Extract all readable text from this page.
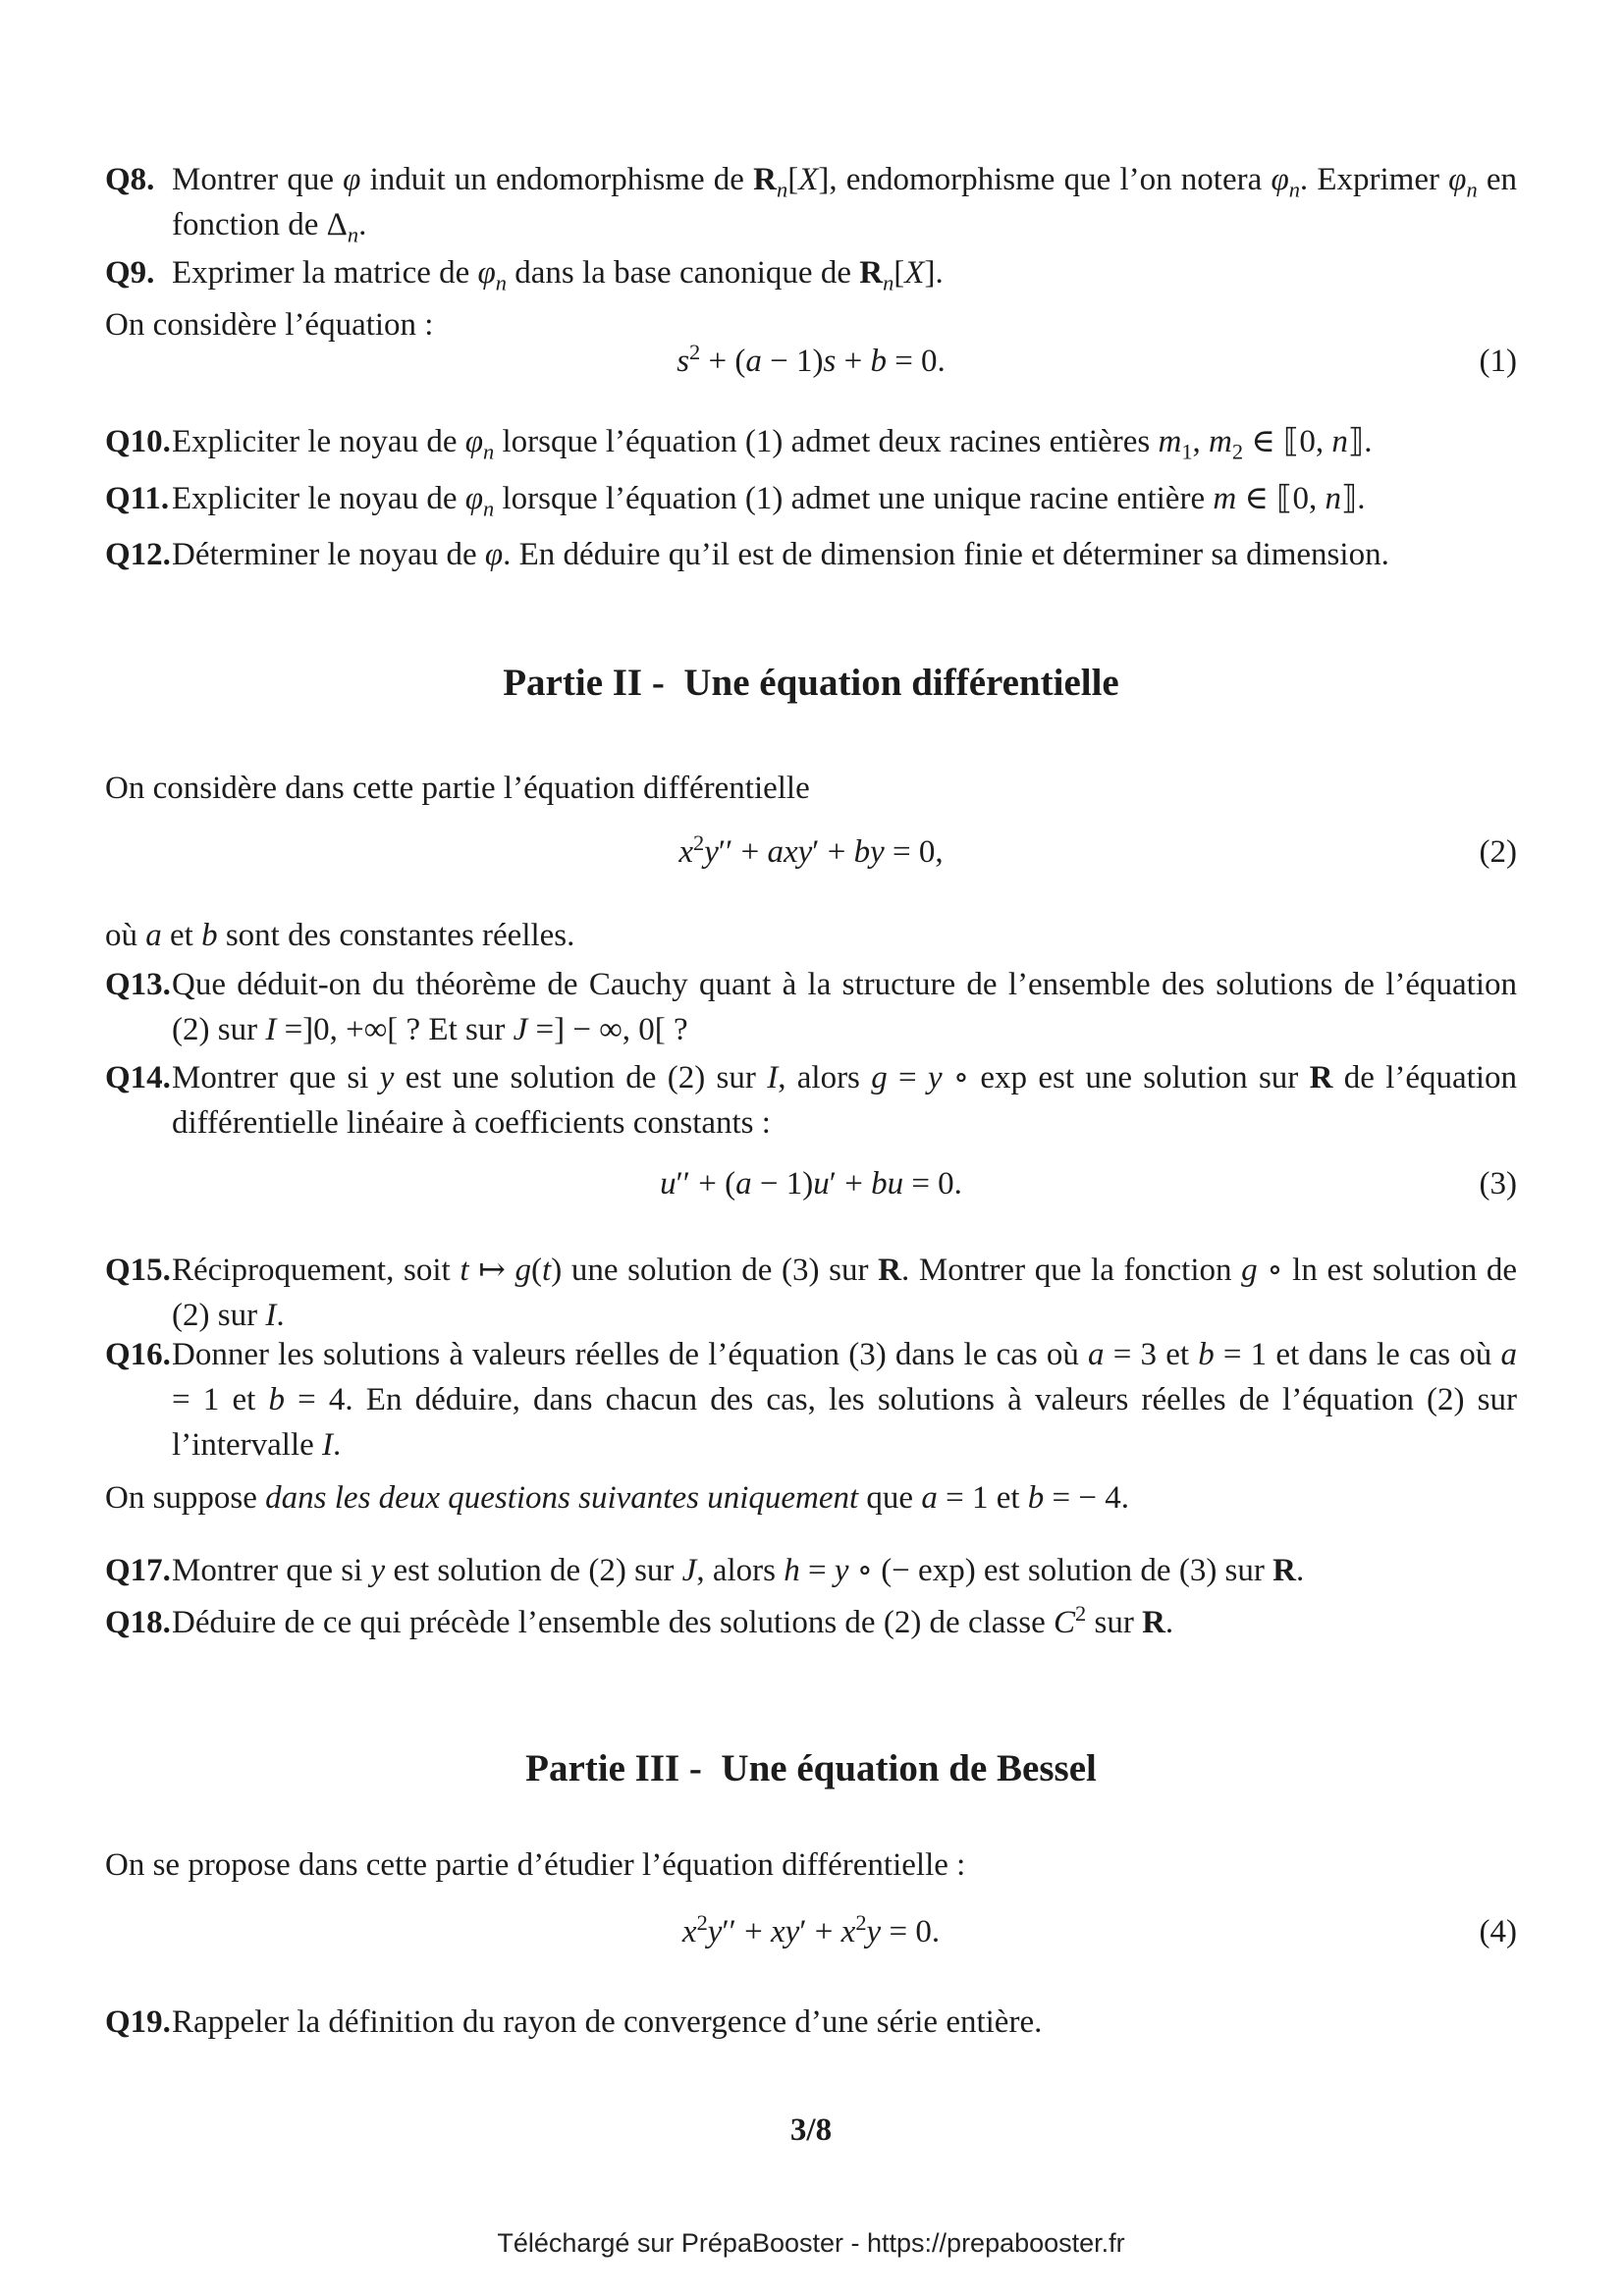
Q8. Montrer que φ induit un endomorphisme de $R_n[X]$, endomorphisme que l’on notera $\varphi_n$. Exprimer $\varphi_n$ en fonction de $\Delta_n$.

Q9. Exprimer la matrice de $\varphi_n$ dans la base canonique de $R_n[X]$.

On considère l’équation :

$s^2 + (a - 1)s + b = 0$.	(1)

Q10.Expliciter le noyau de $\varphi_n$ lorsque l’équation (1) admet deux racines entières $m_1$, $m_2$ ∈ ⟦0, n⟧.

Q11.Expliciter le noyau de $\varphi_n$ lorsque l’équation (1) admet une unique racine entière m ∈ ⟦0, n⟧.

Q12.Déterminer le noyau de φ. En déduire qu’il est de dimension finie et déterminer sa dimension.

Partie II -  Une équation différentielle

On considère dans cette partie l’équation différentielle

$x^2y'' + axy'$ + by = 0,	(2)

où a et b sont des constantes réelles.

Q13.Que déduit-on du théorème de Cauchy quant à la structure de l’ensemble des solutions de l’équation (2) sur I =]0, +∞[ ? Et sur J =] − ∞, 0[ ?

Q14.Montrer que si y est une solution de (2) sur I, alors g = y ∘ exp est une solution sur R de l’équation différentielle linéaire à coefficients constants :

u′′ + (a − 1)u′ + bu = 0.	(3)

Q15.Réciproquement, soit t ↦ g(t) une solution de (3) sur R. Montrer que la fonction g ∘ ln est solution de (2) sur I.

Q16.Donner les solutions à valeurs réelles de l’équation (3) dans le cas où a = 3 et b = 1 et dans le cas où a = 1 et b = 4. En déduire, dans chacun des cas, les solutions à valeurs réelles de l’équation (2) sur l’intervalle I.

On suppose dans les deux questions suivantes uniquement que a = 1 et b = − 4.

Q17.Montrer que si y est solution de (2) sur J, alors h = y ∘ (− exp) est solution de (3) sur R.

Q18.Déduire de ce qui précède l’ensemble des solutions de (2) de classe $C^2$ sur R.

Partie III -  Une équation de Bessel

On se propose dans cette partie d’étudier l’équation différentielle :

$x^2y'' + xy' + x^2y = 0$.	(4)

Q19.Rappeler la définition du rayon de convergence d’une série entière.

3/8
Téléchargé sur PrépaBooster - https://prepabooster.fr
